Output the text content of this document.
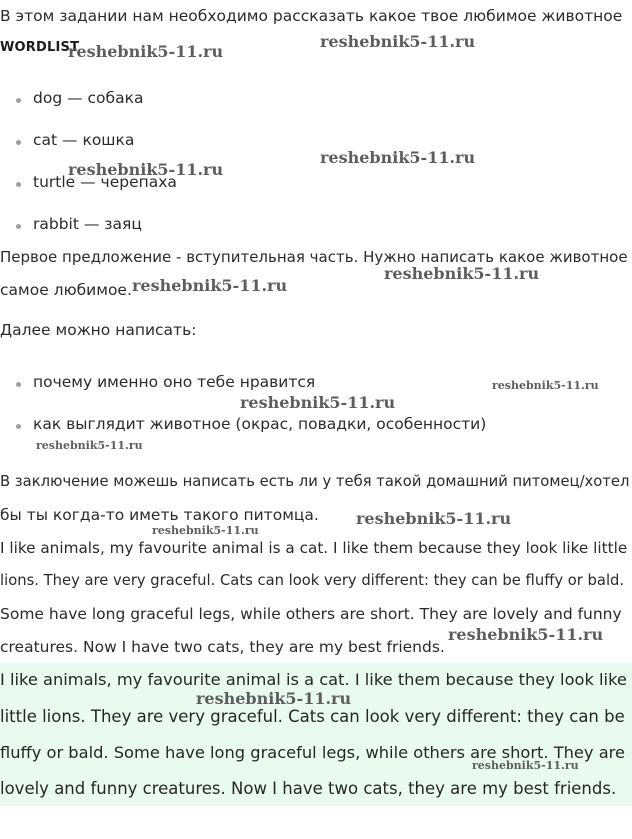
В этом задании нам необходимо рассказать какое твое любимое животное
WORDLIST
dog — собака
cat — кошка
turtle — черепаха
rabbit — заяц
Первое предложение - вступительная часть. Нужно написать какое животное
самое любимое.
Далее можно написать:
почему именно оно тебе нравится
как выглядит животное (окрас, повадки, особенности)
В заключение можешь написать есть ли у тебя такой домашний питомец/хотел
бы ты когда-то иметь такого питомца.
I like animals, my favourite animal is a cat. I like them because they look like little
lions. They are very graceful. Cats can look very different: they can be fluffy or bald.
Some have long graceful legs, while others are short. They are lovely and funny
creatures. Now I have two cats, they are my best friends.
I like animals, my favourite animal is a cat. I like them because they look like
little lions. They are very graceful. Cats can look very different: they can be
fluffy or bald. Some have long graceful legs, while others are short. They are
lovely and funny creatures. Now I have two cats, they are my best friends.
reshebnik5-11.ru
reshebnik5-11.ru
reshebnik5-11.ru
reshebnik5-11.ru
reshebnik5-11.ru
reshebnik5-11.ru
reshebnik5-11.ru
reshebnik5-11.ru
reshebnik5-11.ru
reshebnik5-11.ru
reshebnik5-11.ru
reshebnik5-11.ru
reshebnik5-11.ru
reshebnik5-11.ru
